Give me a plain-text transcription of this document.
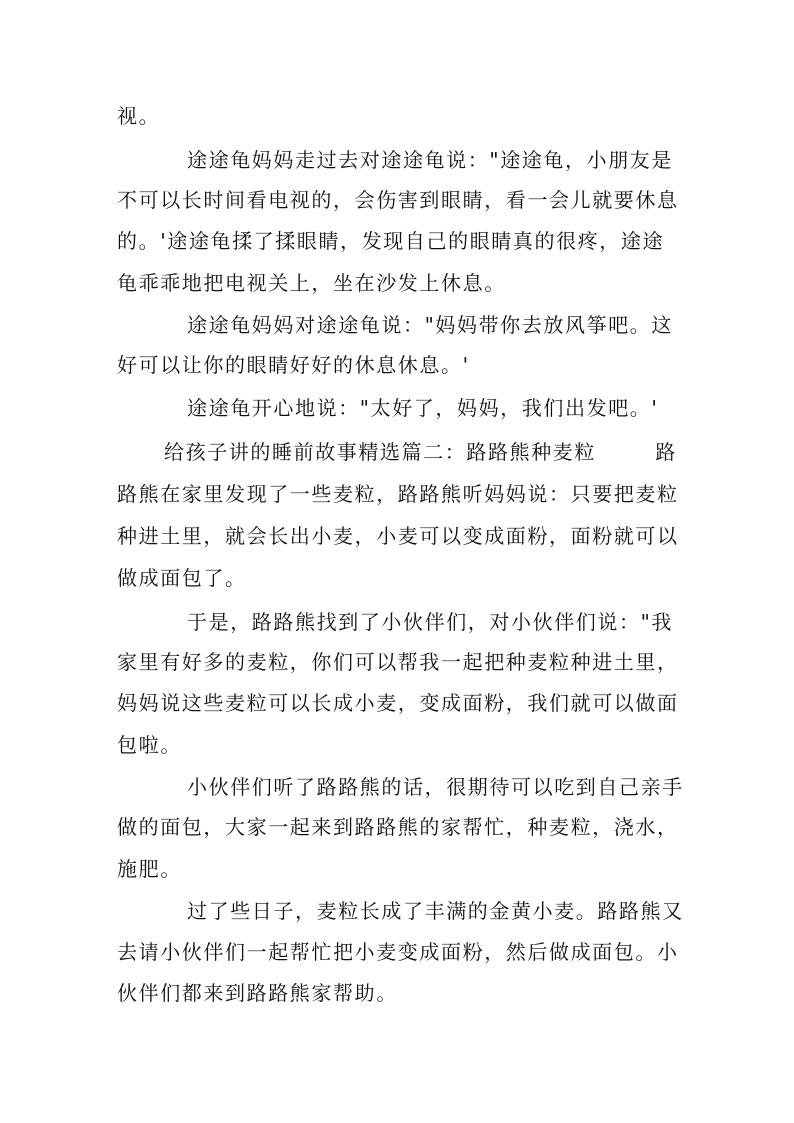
视。

途途龟妈妈走过去对途途龟说："途途龟，小朋友是

不可以长时间看电视的，会伤害到眼睛，看一会儿就要休息

的。'途途龟揉了揉眼睛，发现自己的眼睛真的很疼，途途

龟乖乖地把电视关上，坐在沙发上休息。

途途龟妈妈对途途龟说："妈妈带你去放风筝吧。这

好可以让你的眼睛好好的休息休息。'

途途龟开心地说："太好了，妈妈，我们出发吧。'

给孩子讲的睡前故事精选篇二：路路熊种麦粒	路

路熊在家里发现了一些麦粒，路路熊听妈妈说：只要把麦粒

种进土里，就会长出小麦，小麦可以变成面粉，面粉就可以

做成面包了。

于是，路路熊找到了小伙伴们，对小伙伴们说："我

家里有好多的麦粒，你们可以帮我一起把种麦粒种进土里，

妈妈说这些麦粒可以长成小麦，变成面粉，我们就可以做面

包啦。

小伙伴们听了路路熊的话，很期待可以吃到自己亲手

做的面包，大家一起来到路路熊的家帮忙，种麦粒，浇水，

施肥。

过了些日子，麦粒长成了丰满的金黄小麦。路路熊又

去请小伙伴们一起帮忙把小麦变成面粉，然后做成面包。小

伙伴们都来到路路熊家帮助。
